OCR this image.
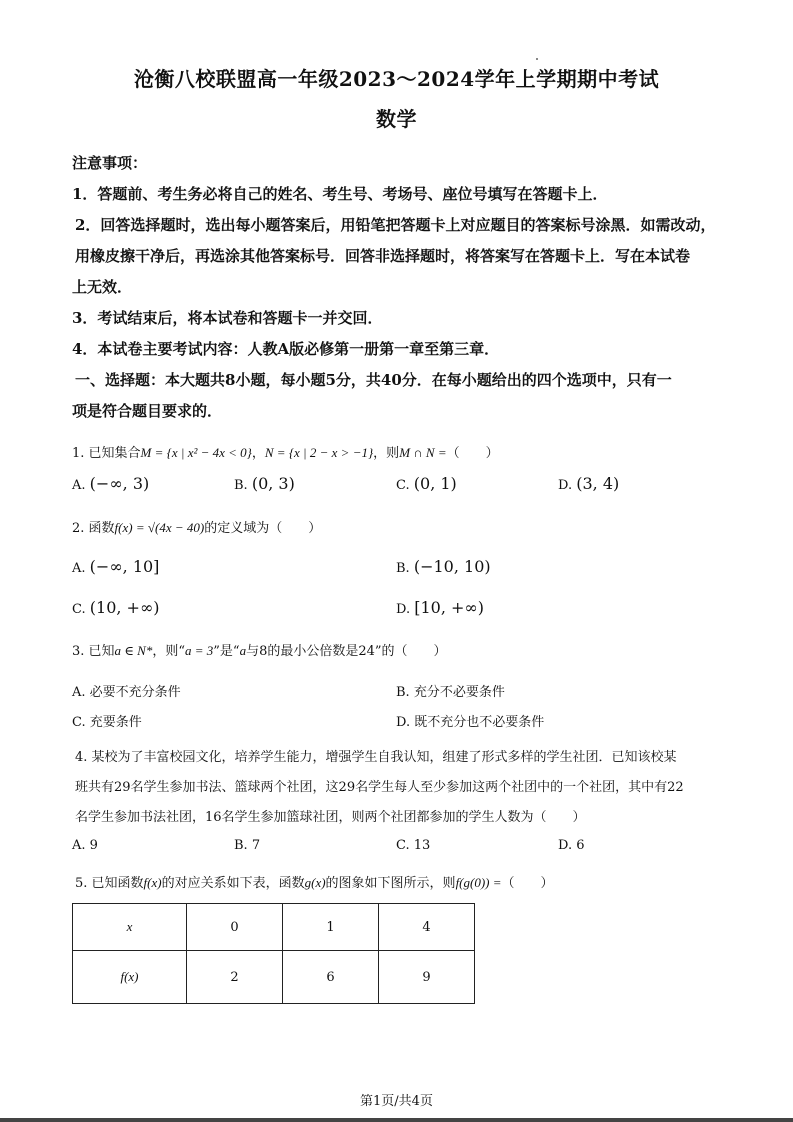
沧衡八校联盟高一年级2023～2024学年上学期期中考试
数学
注意事项：
1．答题前、考生务必将自己的姓名、考生号、考场号、座位号填写在答题卡上．
2．回答选择题时，选出每小题答案后，用铅笔把答题卡上对应题目的答案标号涂黑．如需改动，
用橡皮擦干净后，再选涂其他答案标号．回答非选择题时，将答案写在答题卡上．写在本试卷
上无效．
3．考试结束后，将本试卷和答题卡一并交回．
4．本试卷主要考试内容：人教A版必修第一册第一章至第三章．
一、选择题：本大题共8小题，每小题5分，共40分．在每小题给出的四个选项中，只有一
项是符合题目要求的．
1. 已知集合M = {x | x² − 4x < 0}，N = {x | 2 − x > −1}，则M ∩ N =（　　）
A. (−∞, 3)	B. (0, 3)	C. (0, 1)	D. (3, 4)
2. 函数f(x) = √(4x − 40)的定义域为（　　）
A. (−∞, 10]	B. (−10, 10)
C. (10, +∞)	D. [10, +∞)
3. 已知a ∈ N*，则“a = 3”是“a与8的最小公倍数是24”的（　　）
A. 必要不充分条件	B. 充分不必要条件
C. 充要条件	D. 既不充分也不必要条件
4. 某校为了丰富校园文化，培养学生能力，增强学生自我认知，组建了形式多样的学生社团．已知该校某
班共有29名学生参加书法、篮球两个社团，这29名学生每人至少参加这两个社团中的一个社团，其中有22
名学生参加书法社团，16名学生参加篮球社团，则两个社团都参加的学生人数为（　　）
A. 9	B. 7	C. 13	D. 6
5. 已知函数f(x)的对应关系如下表，函数g(x)的图象如下图所示，则f(g(0)) =（　　）
x	0	1	4
f(x)	2	6	9
第1页/共4页
